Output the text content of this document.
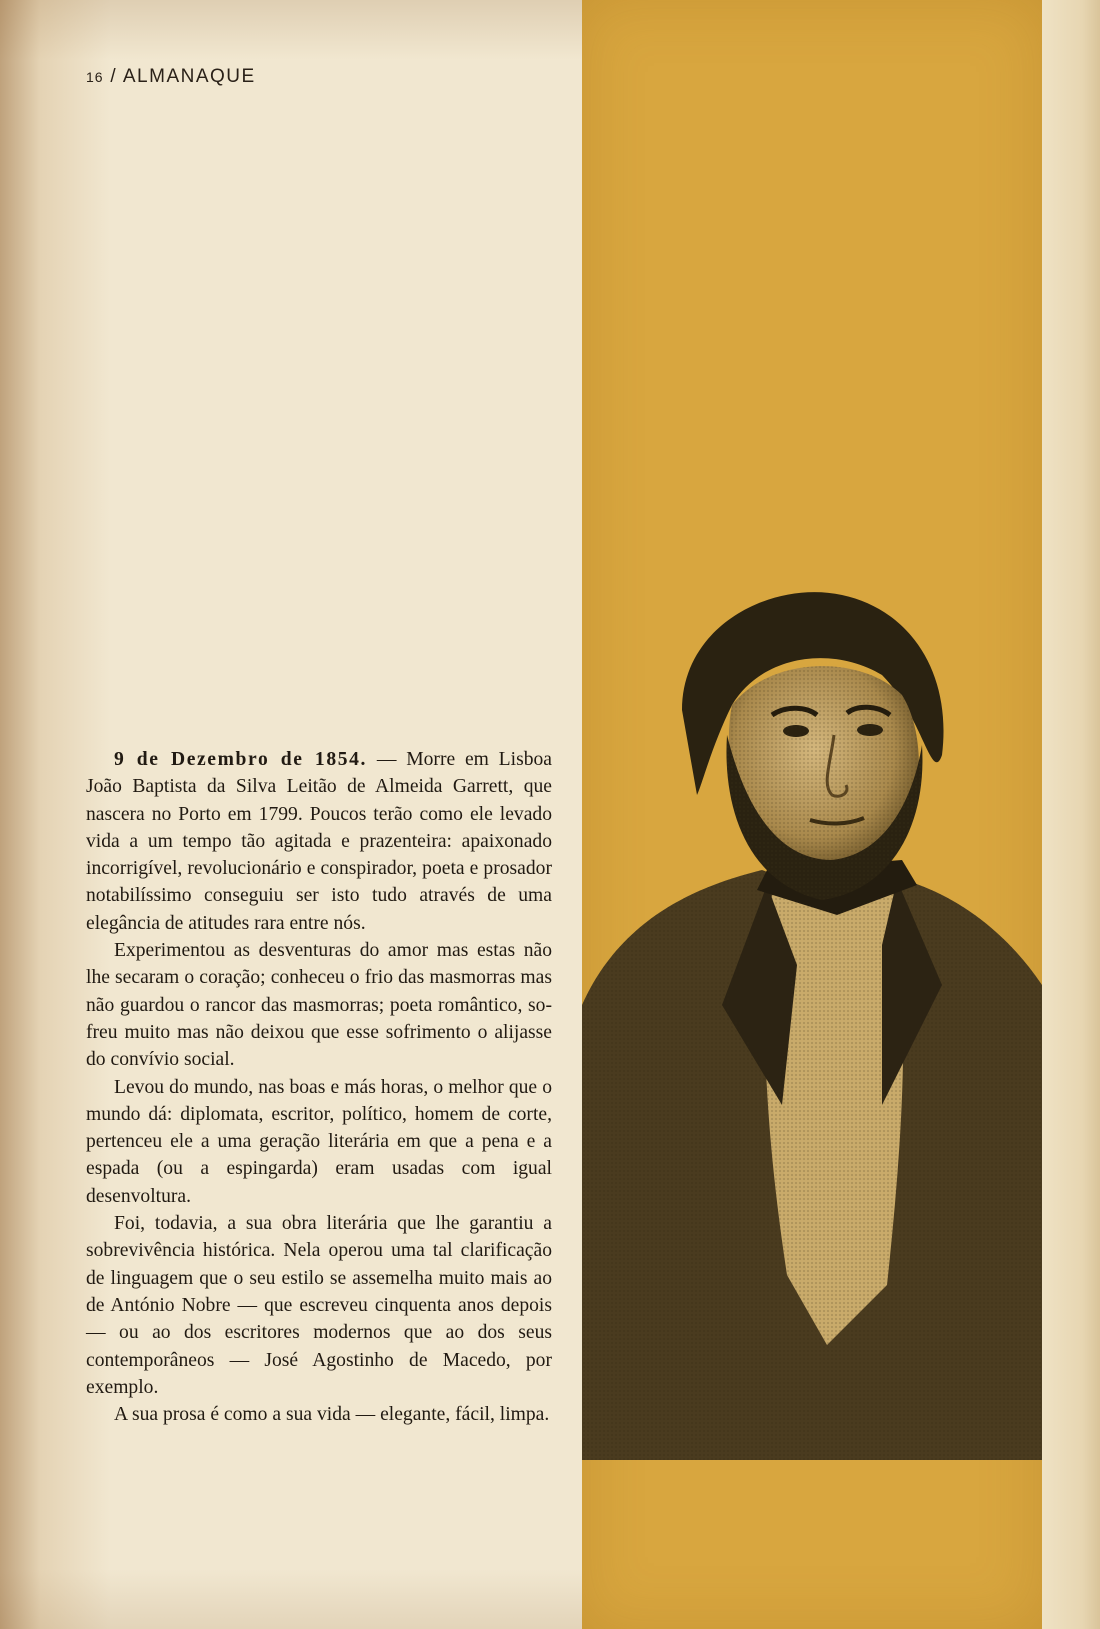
16 / ALMANAQUE

9 de Dezembro de 1854. — Morre em Lisboa João Baptista da Silva Leitão de Almeida Garrett, que nascera no Porto em 1799. Poucos terão como ele levado vida a um tempo tão agitada e prazenteira: apaixonado incorrigível, revolucionário e conspirador, poeta e prosador notabilíssimo conseguiu ser isto tudo através de uma elegância de atitudes rara entre nós.

Experimentou as desventuras do amor mas estas não lhe secaram o coração; conheceu o frio das masmorras mas não guardou o rancor das masmorras; poeta romântico, sofreu muito mas não deixou que esse sofrimento o alijasse do convívio social.

Levou do mundo, nas boas e más horas, o melhor que o mundo dá: diplomata, escritor, político, homem de corte, pertenceu ele a uma geração literária em que a pena e a espada (ou a espingarda) eram usadas com igual desenvoltura.

Foi, todavia, a sua obra literária que lhe garantiu a sobrevivência histórica. Nela operou uma tal clarificação de linguagem que o seu estilo se assemelha muito mais ao de António Nobre — que escreveu cinquenta anos depois — ou ao dos escritores modernos que ao dos seus contemporâneos — José Agostinho de Macedo, por exemplo.

A sua prosa é como a sua vida — elegante, fácil, limpa.
